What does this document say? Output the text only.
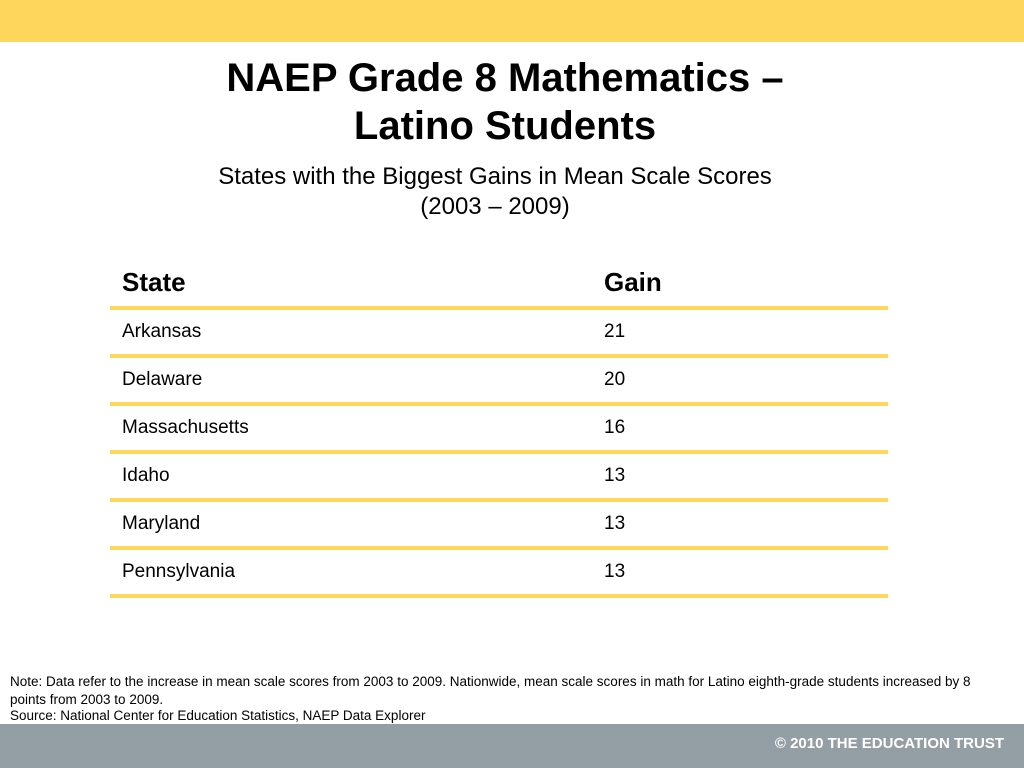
NAEP Grade 8 Mathematics –
Latino Students

States with the Biggest Gains in Mean Scale Scores
(2003 – 2009)

State	Gain
Arkansas	21
Delaware	20
Massachusetts	16
Idaho	13
Maryland	13
Pennsylvania	13

Note: Data refer to the increase in mean scale scores from 2003 to 2009. Nationwide, mean scale scores in math for Latino eighth-grade students increased by 8 points from 2003 to 2009.

Source: National Center for Education Statistics, NAEP Data Explorer

© 2010 THE EDUCATION TRUST
